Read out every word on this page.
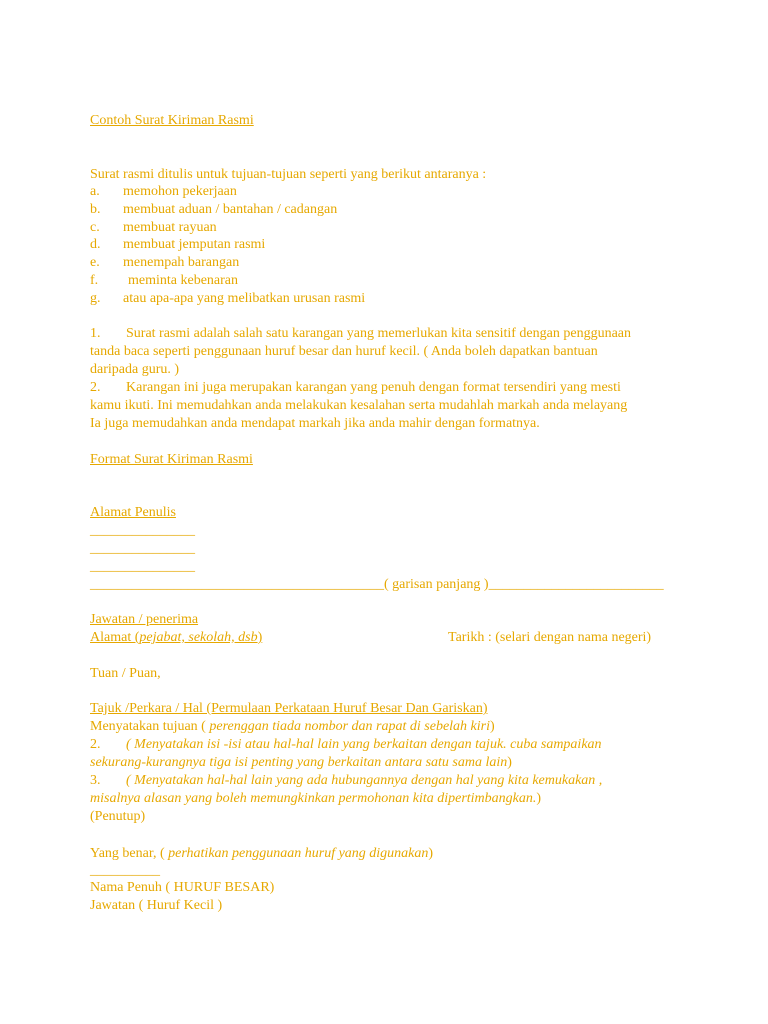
Contoh Surat Kiriman Rasmi
Surat rasmi ditulis untuk tujuan-tujuan seperti yang berikut antaranya :
a. memohon pekerjaan
b. membuat aduan / bantahan / cadangan
c. membuat rayuan
d. membuat jemputan rasmi
e. menempah barangan
f. meminta kebenaran
g. atau apa-apa yang melibatkan urusan rasmi
1. Surat rasmi adalah salah satu karangan yang memerlukan kita sensitif dengan penggunaan
tanda baca seperti penggunaan huruf besar dan huruf kecil. ( Anda boleh dapatkan bantuan
daripada guru. )
2. Karangan ini juga merupakan karangan yang penuh dengan format tersendiri yang mesti
kamu ikuti. Ini memudahkan anda melakukan kesalahan serta mudahlah markah anda melayang
Ia juga memudahkan anda mendapat markah jika anda mahir dengan formatnya.
Format Surat Kiriman Rasmi
Alamat Penulis
_______________
_______________
_______________
__________________________________________( garisan panjang )_________________________
Jawatan / penerima
Alamat (pejabat, sekolah, dsb)	Tarikh : (selari dengan nama negeri)
Tuan / Puan,
Tajuk /Perkara / Hal (Permulaan Perkataan Huruf Besar Dan Gariskan)
Menyatakan tujuan ( perenggan tiada nombor dan rapat di sebelah kiri)
2. ( Menyatakan isi -isi atau hal-hal lain yang berkaitan dengan tajuk. cuba sampaikan
sekurang-kurangnya tiga isi penting yang berkaitan antara satu sama lain)
3. ( Menyatakan hal-hal lain yang ada hubungannya dengan hal yang kita kemukakan ,
misalnya alasan yang boleh memungkinkan permohonan kita dipertimbangkan.)
(Penutup)
Yang benar, ( perhatikan penggunaan huruf yang digunakan)
__________
Nama Penuh ( HURUF BESAR)
Jawatan ( Huruf Kecil )
